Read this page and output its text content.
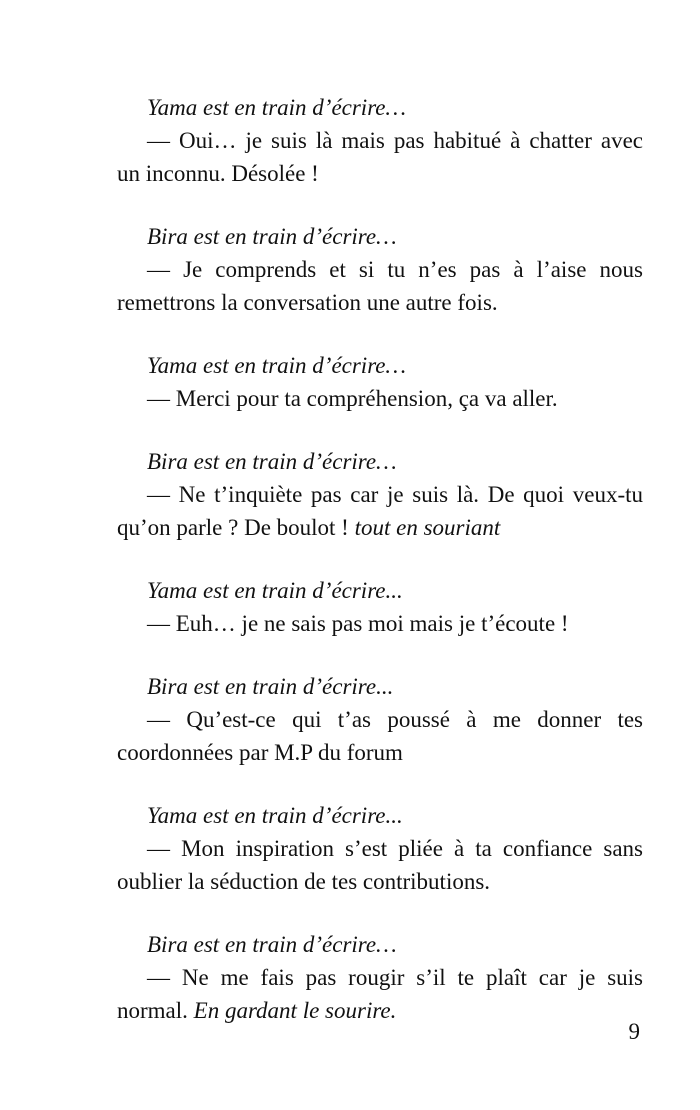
Yama est en train d’écrire…
— Oui… je suis là mais pas habitué à chatter avec
un inconnu. Désolée !
Bira est en train d’écrire…
— Je comprends et si tu n’es pas à l’aise nous
remettrons la conversation une autre fois.
Yama est en train d’écrire…
— Merci pour ta compréhension, ça va aller.
Bira est en train d’écrire…
— Ne t’inquiète pas car je suis là. De quoi veux-tu
qu’on parle ? De boulot ! tout en souriant
Yama est en train d’écrire...
— Euh… je ne sais pas moi mais je t’écoute !
Bira est en train d’écrire...
— Qu’est-ce qui t’as poussé à me donner tes
coordonnées par M.P du forum
Yama est en train d’écrire...
— Mon inspiration s’est pliée à ta confiance sans
oublier la séduction de tes contributions.
Bira est en train d’écrire…
— Ne me fais pas rougir s’il te plaît car je suis
normal. En gardant le sourire.
9
